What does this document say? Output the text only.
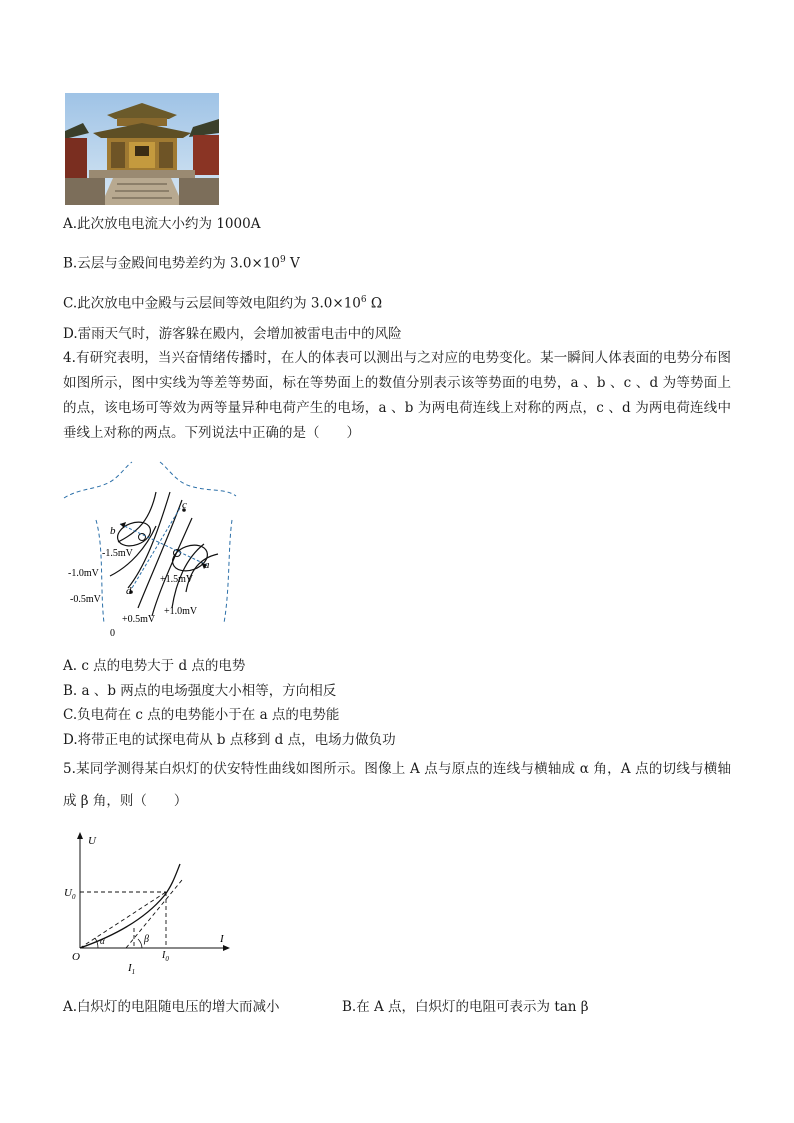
A.此次放电电流大小约为 1000A
B.云层与金殿间电势差约为 $3.0\times 10^9$ V
C.此次放电中金殿与云层间等效电阻约为 $3.0\times 10^6$ Ω
D.雷雨天气时，游客躲在殿内，会增加被雷电击中的风险
4.有研究表明，当兴奋情绪传播时，在人的体表可以测出与之对应的电势变化。某一瞬间人体表面的电势分布图如图所示，图中实线为等差等势面，标在等势面上的数值分别表示该等势面的电势，a 、b 、c 、d 为等势面上的点，该电场可等效为两等量异种电荷产生的电场，a 、b 为两电荷连线上对称的两点，c 、d 为两电荷连线中垂线上对称的两点。下列说法中正确的是（　　）
b
c
a
d
-1.5mV
-1.0mV
-0.5mV
+1.5mV
+1.0mV
+0.5mV
0
A. c 点的电势大于 d 点的电势
B. a 、b 两点的电场强度大小相等，方向相反
C.负电荷在 c 点的电势能小于在 a 点的电势能
D.将带正电的试探电荷从 b 点移到 d 点，电场力做负功
5.某同学测得某白炽灯的伏安特性曲线如图所示。图像上 A 点与原点的连线与横轴成 α 角，A 点的切线与横轴成 β 角，则（　　）
U
I
O
$U_0$
$I_0$
$I_1$
α	β
A.白炽灯的电阻随电压的增大而减小	B.在 A 点，白炽灯的电阻可表示为 tan β
